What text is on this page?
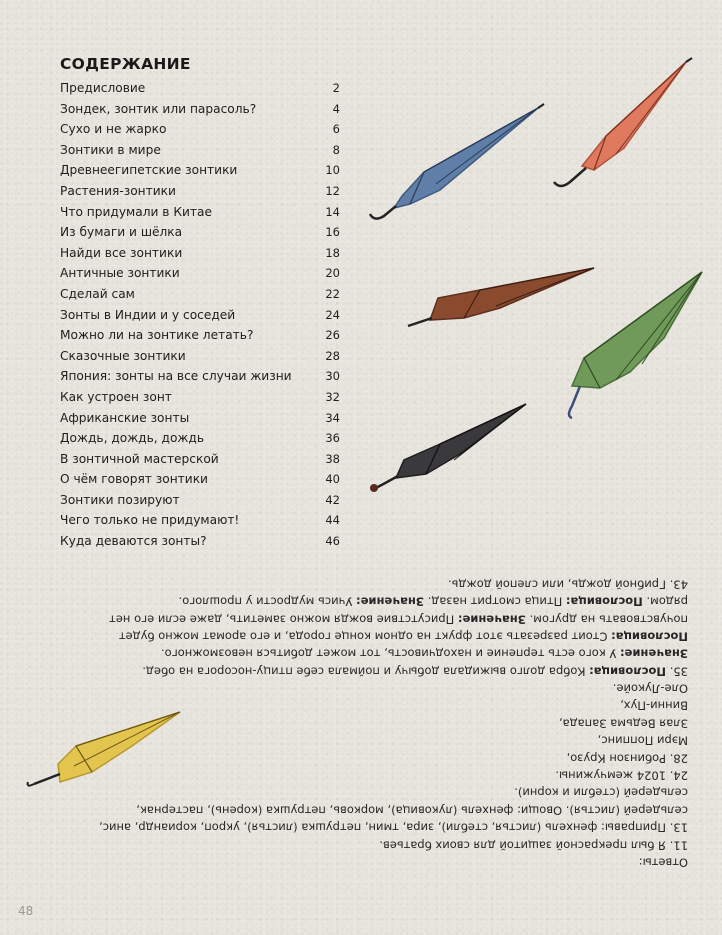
СОДЕРЖАНИЕ
Предисловие	2
Зондек, зонтик или парасоль?	4
Сухо и не жарко	6
Зонтики в мире	8
Древнеегипетские зонтики	10
Растения-зонтики	12
Что придумали в Китае	14
Из бумаги и шёлка	16
Найди все зонтики	18
Античные зонтики	20
Сделай сам	22
Зонты в Индии и у соседей	24
Можно ли на зонтике летать?	26
Сказочные зонтики	28
Япония: зонты на все случаи жизни	30
Как устроен зонт	32
Африканские зонты	34
Дождь, дождь, дождь	36
В зонтичной мастерской	38
О чём говорят зонтики	40
Зонтики позируют	42
Чего только не придумают!	44
Куда деваются зонты?	46
Ответы:
11. Я был прекрасной защитой для своих братьев.
13. Приправы: фенхель (листья, стебли), зира, тмин, петрушка (листья), укроп, кориандр, анис,
сельдерей (листья). Овощи: фенхель (луковица), морковь, петрушка (корень), пастернак,
сельдерей (стебли и корни).
24. 1024 жемчужины.
28. Робинзон Крузо,
Мэри Поппинс,
Злая Ведьма Запада,
Винни-Пух,
Оле-Лукойе.
35. Пословица: Кобра долго выжидала добычу и поймала себе птицу-носорога на обед.
Значение: У кого есть терпение и находчивость, тот может добиться невозможного.
Пословица: Стоит разрезать этот фрукт на одном конце города, и его аромат можно будет
почувствовать на другом. Значение: Присутствие вождя можно заметить, даже если его нет
рядом. Пословица: Птица смотрит назад. Значение: Учись мудрости у прошлого.
43. Грибной дождь, или слепой дождь.
48
